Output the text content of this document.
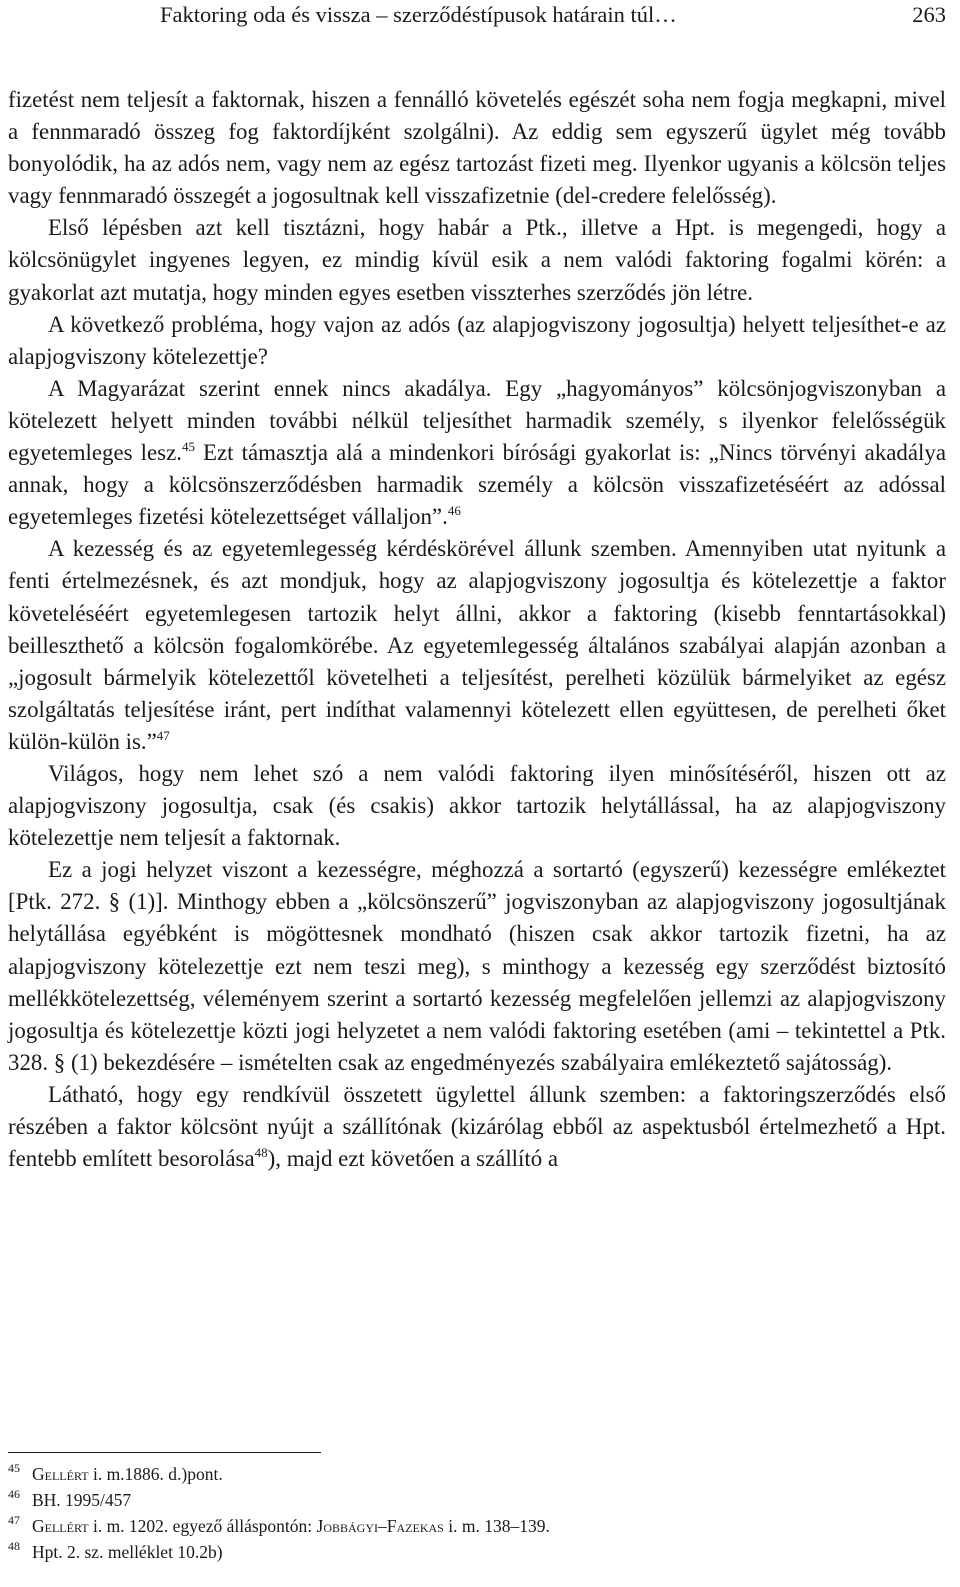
Faktoring oda és vissza – szerződéstípusok határain túl…	263

fizetést nem teljesít a faktornak, hiszen a fennálló követelés egészét soha nem fogja megkapni, mivel a fennmaradó összeg fog faktordíjként szolgálni). Az eddig sem egyszerű ügylet még tovább bonyolódik, ha az adós nem, vagy nem az egész tartozást fizeti meg. Ilyenkor ugyanis a kölcsön teljes vagy fennmaradó összegét a jogosultnak kell visszafizetnie (del-credere felelősség).

Első lépésben azt kell tisztázni, hogy habár a Ptk., illetve a Hpt. is megengedi, hogy a kölcsönügylet ingyenes legyen, ez mindig kívül esik a nem valódi faktoring fogalmi körén: a gyakorlat azt mutatja, hogy minden egyes esetben visszterhes szerződés jön létre.

A következő probléma, hogy vajon az adós (az alapjogviszony jogosultja) helyett teljesíthet-e az alapjogviszony kötelezettje?

A Magyarázat szerint ennek nincs akadálya. Egy „hagyományos” kölcsönjogviszonyban a kötelezett helyett minden további nélkül teljesíthet harmadik személy, s ilyenkor felelősségük egyetemleges lesz.$^{45}$ Ezt támasztja alá a mindenkori bírósági gyakorlat is: „Nincs törvényi akadálya annak, hogy a kölcsönszerződésben harmadik személy a kölcsön visszafizetéséért az adóssal egyetemleges fizetési kötelezettséget vállaljon”.$^{46}$

A kezesség és az egyetemlegesség kérdéskörével állunk szemben. Amennyiben utat nyitunk a fenti értelmezésnek, és azt mondjuk, hogy az alapjogviszony jogosultja és kötelezettje a faktor követeléséért egyetemlegesen tartozik helyt állni, akkor a faktoring (kisebb fenntartásokkal) beilleszthető a kölcsön fogalomkörébe. Az egyetemlegesség általános szabályai alapján azonban a „jogosult bármelyik kötelezettől követelheti a teljesítést, perelheti közülük bármelyiket az egész szolgáltatás teljesítése iránt, pert indíthat valamennyi kötelezett ellen együttesen, de perelheti őket külön-külön is.”$^{47}$

Világos, hogy nem lehet szó a nem valódi faktoring ilyen minősítéséről, hiszen ott az alapjogviszony jogosultja, csak (és csakis) akkor tartozik helytállással, ha az alapjogviszony kötelezettje nem teljesít a faktornak.

Ez a jogi helyzet viszont a kezességre, méghozzá a sortartó (egyszerű) kezességre emlékeztet [Ptk. 272. § (1)]. Minthogy ebben a „kölcsönszerű” jogviszonyban az alapjogviszony jogosultjának helytállása egyébként is mögöttesnek mondható (hiszen csak akkor tartozik fizetni, ha az alapjogviszony kötelezettje ezt nem teszi meg), s minthogy a kezesség egy szerződést biztosító mellékkötelezettség, véleményem szerint a sortartó kezesség megfelelően jellemzi az alapjogviszony jogosultja és kötelezettje közti jogi helyzetet a nem valódi faktoring esetében (ami – tekintettel a Ptk. 328. § (1) bekezdésére – ismételten csak az engedményezés szabályaira emlékeztető sajátosság).

Látható, hogy egy rendkívül összetett ügylettel állunk szemben: a faktoringszerződés első részében a faktor kölcsönt nyújt a szállítónak (kizárólag ebből az aspektusból értelmezhető a Hpt. fentebb említett besorolása$^{48}$), majd ezt követően a szállító a

45 Gellért i. m.1886. d.)pont.
46 BH. 1995/457
47 Gellért i. m. 1202. egyező álláspontón: Jobbágyi–Fazekas i. m. 138–139.
48 Hpt. 2. sz. melléklet 10.2b)
